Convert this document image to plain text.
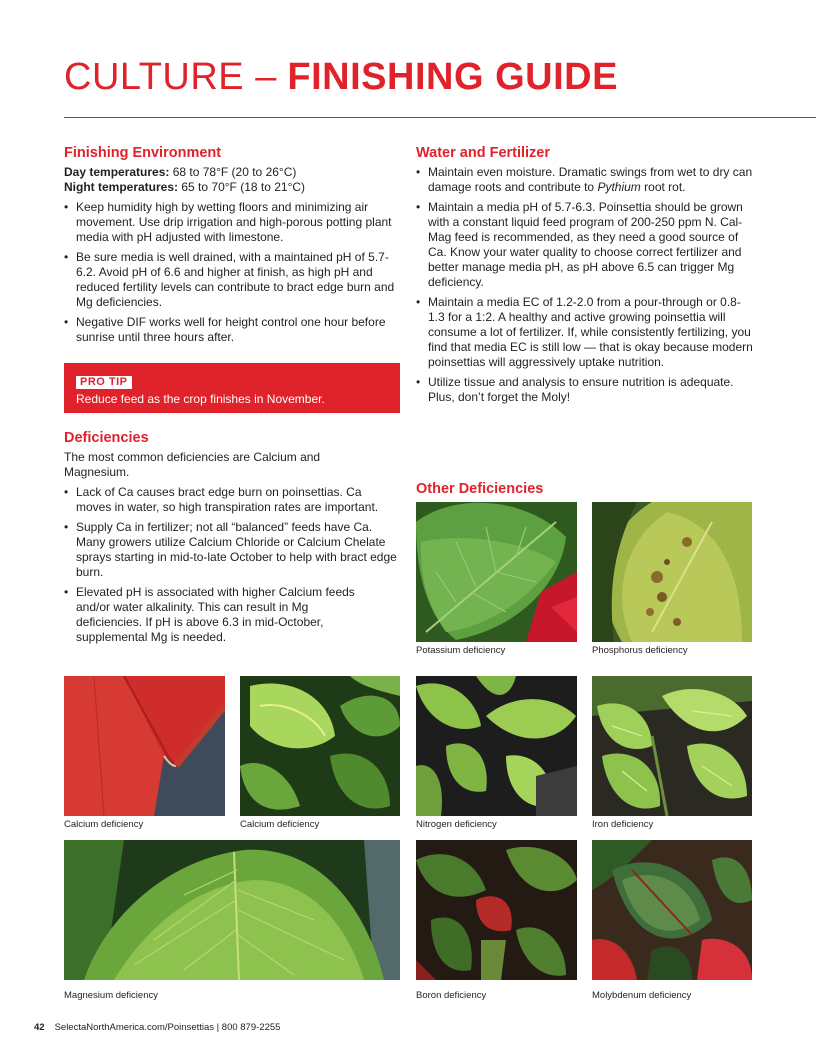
CULTURE – FINISHING GUIDE
Finishing Environment
Day temperatures: 68 to 78°F (20 to 26°C)
Night temperatures: 65 to 70°F (18 to 21°C)
• Keep humidity high by wetting floors and minimizing air movement. Use drip irrigation and high-porous potting plant media with pH adjusted with limestone.
• Be sure media is well drained, with a maintained pH of 5.7-6.2. Avoid pH of 6.6 and higher at finish, as high pH and reduced fertility levels can contribute to bract edge burn and Mg deficiencies.
• Negative DIF works well for height control one hour before sunrise until three hours after.
PRO TIP
Reduce feed as the crop finishes in November.
Deficiencies

The most common deficiencies are Calcium and Magnesium.

• Lack of Ca causes bract edge burn on poinsettias. Ca moves in water, so high transpiration rates are important.
• Supply Ca in fertilizer; not all “balanced” feeds have Ca. Many growers utilize Calcium Chloride or Calcium Chelate sprays starting in mid-to-late October to help with bract edge burn.
• Elevated pH is associated with higher Calcium feeds and/or water alkalinity. This can result in Mg deficiencies. If pH is above 6.3 in mid-October, supplemental Mg is needed.
Water and Fertilizer
• Maintain even moisture. Dramatic swings from wet to dry can damage roots and contribute to Pythium root rot.
• Maintain a media pH of 5.7-6.3. Poinsettia should be grown with a constant liquid feed program of 200-250 ppm N. Cal-Mag feed is recommended, as they need a good source of Ca. Know your water quality to choose correct fertilizer and better manage media pH, as pH above 6.5 can trigger Mg deficiency.
• Maintain a media EC of 1.2-2.0 from a pour-through or 0.8-1.3 for a 1:2. A healthy and active growing poinsettia will consume a lot of fertilizer. If, while consistently fertilizing, you find that media EC is still low — that is okay because modern poinsettias will aggressively uptake nutrition.
• Utilize tissue and analysis to ensure nutrition is adequate. Plus, don’t forget the Moly!
Other Deficiencies
Potassium deficiency	Phosphorus deficiency
Calcium deficiency	Calcium deficiency	Nitrogen deficiency	Iron deficiency
Magnesium deficiency	Boron deficiency	Molybdenum deficiency
42 SelectaNorthAmerica.com/Poinsettias | 800 879-2255
